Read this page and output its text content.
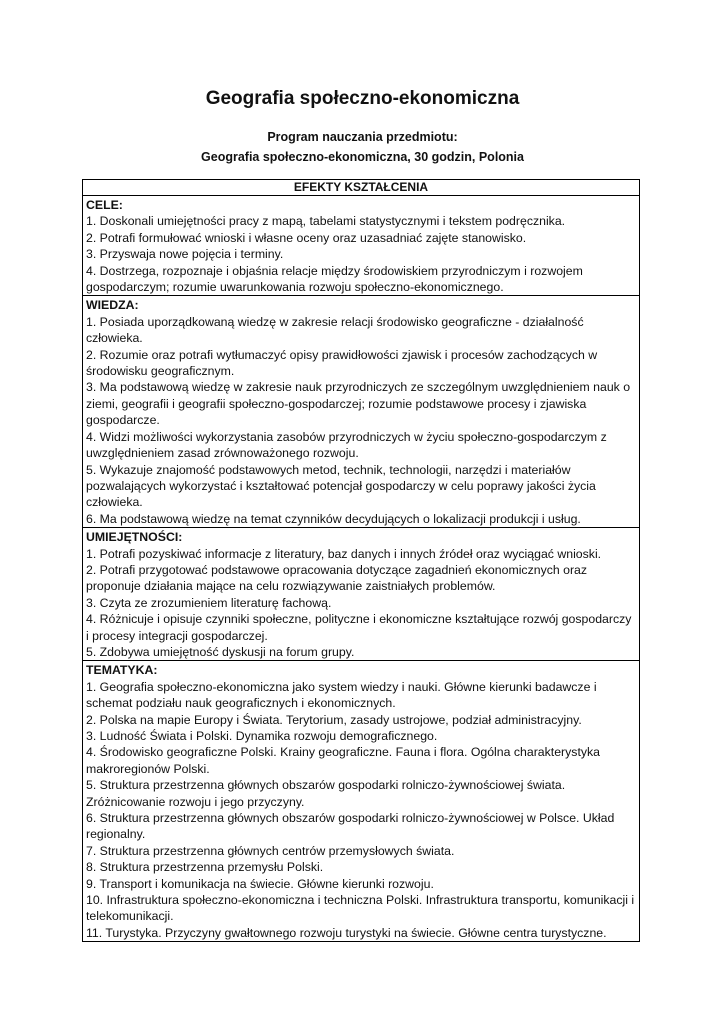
Geografia społeczno-ekonomiczna

Program nauczania przedmiotu:

Geografia społeczno-ekonomiczna, 30 godzin, Polonia

EFEKTY KSZTAŁCENIA
CELE:
1. Doskonali umiejętności pracy z mapą, tabelami statystycznymi i tekstem podręcznika.
2. Potrafi formułować wnioski i własne oceny oraz uzasadniać zajęte stanowisko.
3. Przyswaja nowe pojęcia i terminy.
4. Dostrzega, rozpoznaje i objaśnia relacje między środowiskiem przyrodniczym i rozwojem gospodarczym; rozumie uwarunkowania rozwoju społeczno-ekonomicznego.
WIEDZA:
1. Posiada uporządkowaną wiedzę w zakresie relacji środowisko geograficzne - działalność człowieka.
2. Rozumie oraz potrafi wytłumaczyć opisy prawidłowości zjawisk i procesów zachodzących w środowisku geograficznym.
3. Ma podstawową wiedzę w zakresie nauk przyrodniczych ze szczególnym uwzględnieniem nauk o ziemi, geografii i geografii społeczno-gospodarczej; rozumie podstawowe procesy i zjawiska gospodarcze.
4. Widzi możliwości wykorzystania zasobów przyrodniczych w życiu społeczno-gospodarczym z uwzględnieniem zasad zrównoważonego rozwoju.
5. Wykazuje znajomość podstawowych metod, technik, technologii, narzędzi i materiałów pozwalających wykorzystać i kształtować potencjał gospodarczy w celu poprawy jakości życia człowieka.
6. Ma podstawową wiedzę na temat czynników decydujących o lokalizacji produkcji i usług.
UMIEJĘTNOŚCI:
1. Potrafi pozyskiwać informacje z literatury, baz danych i innych źródeł oraz wyciągać wnioski.
2. Potrafi przygotować podstawowe opracowania dotyczące zagadnień ekonomicznych oraz proponuje działania mające na celu rozwiązywanie zaistniałych problemów.
3. Czyta ze zrozumieniem literaturę fachową.
4. Różnicuje i opisuje czynniki społeczne, polityczne i ekonomiczne kształtujące rozwój gospodarczy i procesy integracji gospodarczej.
5. Zdobywa umiejętność dyskusji na forum grupy.
TEMATYKA:
1. Geografia społeczno-ekonomiczna jako system wiedzy i nauki. Główne kierunki badawcze i schemat podziału nauk geograficznych i ekonomicznych.
2. Polska na mapie Europy i Świata. Terytorium, zasady ustrojowe, podział administracyjny.
3. Ludność Świata i Polski. Dynamika rozwoju demograficznego.
4. Środowisko geograficzne Polski. Krainy geograficzne. Fauna i flora. Ogólna charakterystyka makroregionów Polski.
5. Struktura przestrzenna głównych obszarów gospodarki rolniczo-żywnościowej świata. Zróżnicowanie rozwoju i jego przyczyny.
6. Struktura przestrzenna głównych obszarów gospodarki rolniczo-żywnościowej w Polsce. Układ regionalny.
7. Struktura przestrzenna głównych centrów przemysłowych świata.
8. Struktura przestrzenna przemysłu Polski.
9. Transport i komunikacja na świecie. Główne kierunki rozwoju.
10. Infrastruktura społeczno-ekonomiczna i techniczna Polski. Infrastruktura transportu, komunikacji i telekomunikacji.
11. Turystyka. Przyczyny gwałtownego rozwoju turystyki na świecie. Główne centra turystyczne.
